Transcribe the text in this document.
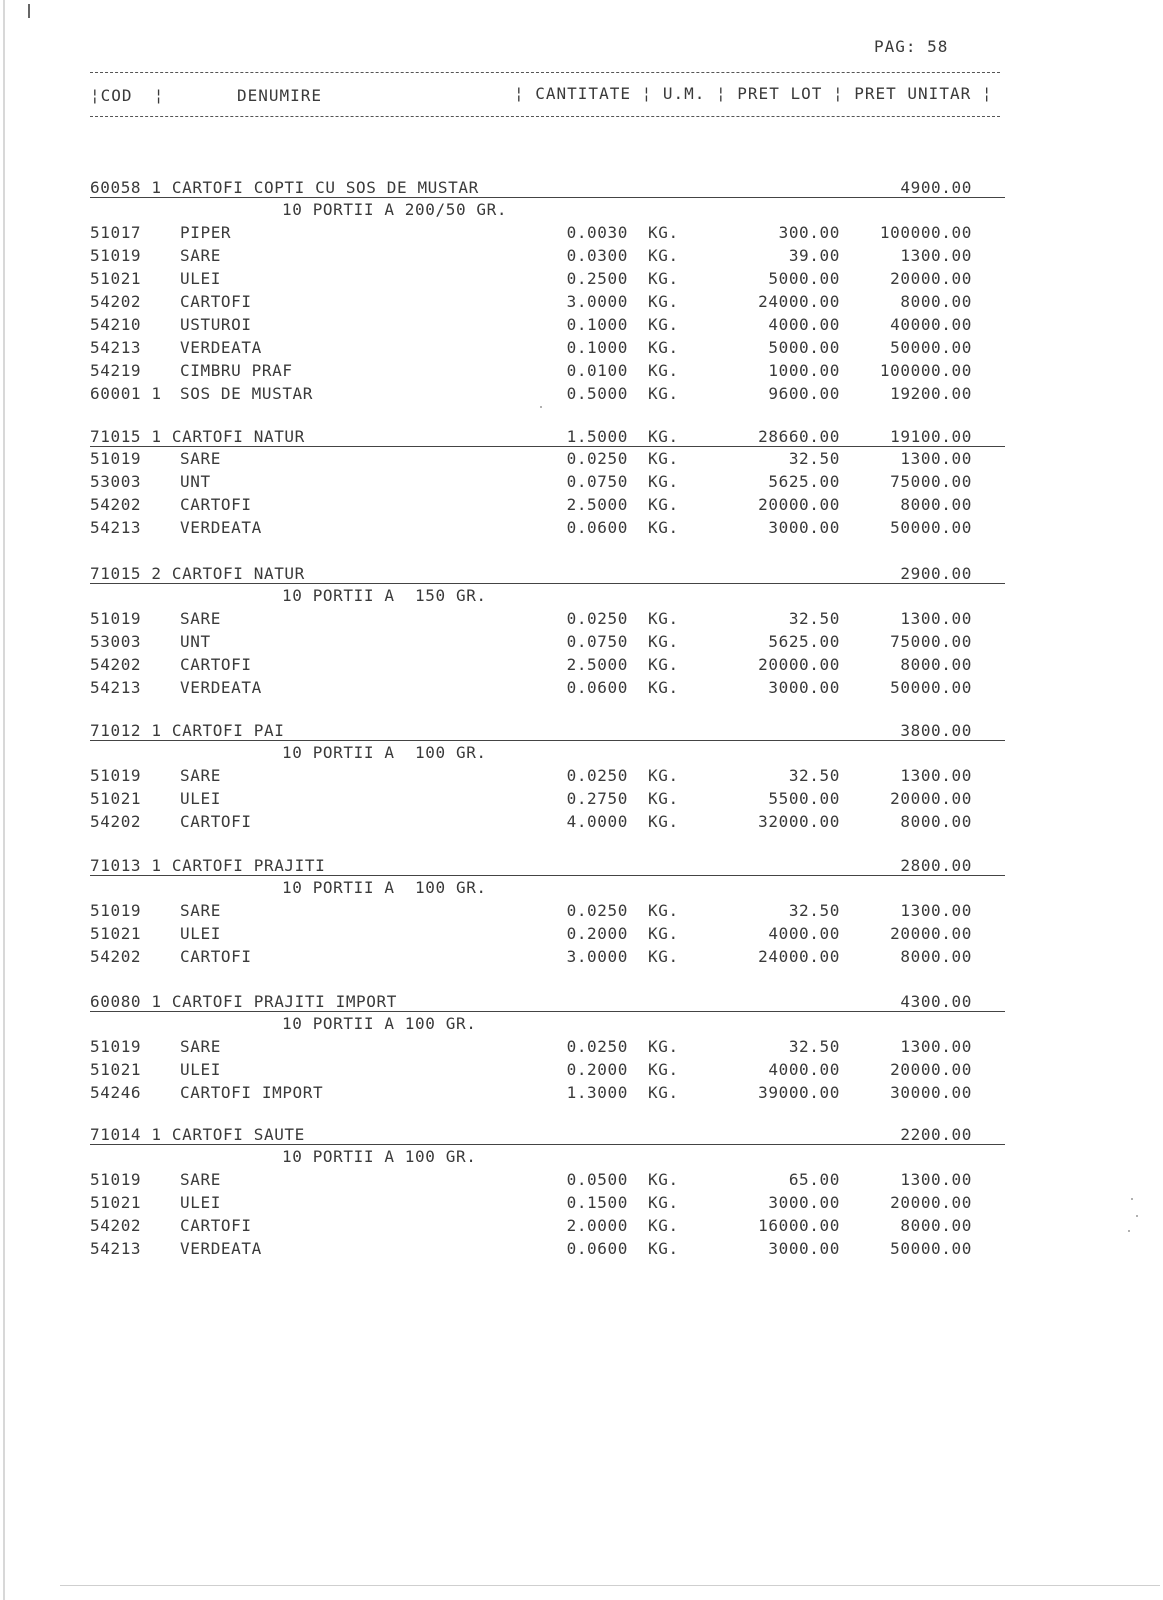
PAG: 58
¦COD  ¦	DENUMIRE	¦ CANTITATE ¦ U.M. ¦ PRET LOT ¦ PRET UNITAR ¦
60058 1 CARTOFI COPTI CU SOS DE MUSTAR	4900.00
10 PORTII A 200/50 GR.
51017 PIPER	0.0030 KG.	300.00	100000.00
51019 SARE	0.0300 KG.	39.00	1300.00
51021 ULEI	0.2500 KG.	5000.00	20000.00
54202 CARTOFI	3.0000 KG.	24000.00	8000.00
54210 USTUROI	0.1000 KG.	4000.00	40000.00
54213 VERDEATA	0.1000 KG.	5000.00	50000.00
54219 CIMBRU PRAF	0.0100 KG.	1000.00	100000.00
60001 1 SOS DE MUSTAR	0.5000 KG.	9600.00	19200.00
71015 1 CARTOFI NATUR	1.5000 KG.	28660.00	19100.00
51019 SARE	0.0250 KG.	32.50	1300.00
53003 UNT	0.0750 KG.	5625.00	75000.00
54202 CARTOFI	2.5000 KG.	20000.00	8000.00
54213 VERDEATA	0.0600 KG.	3000.00	50000.00
71015 2 CARTOFI NATUR	2900.00
10 PORTII A  150 GR.
51019 SARE	0.0250 KG.	32.50	1300.00
53003 UNT	0.0750 KG.	5625.00	75000.00
54202 CARTOFI	2.5000 KG.	20000.00	8000.00
54213 VERDEATA	0.0600 KG.	3000.00	50000.00
71012 1 CARTOFI PAI	3800.00
10 PORTII A  100 GR.
51019 SARE	0.0250 KG.	32.50	1300.00
51021 ULEI	0.2750 KG.	5500.00	20000.00
54202 CARTOFI	4.0000 KG.	32000.00	8000.00
71013 1 CARTOFI PRAJITI	2800.00
10 PORTII A  100 GR.
51019 SARE	0.0250 KG.	32.50	1300.00
51021 ULEI	0.2000 KG.	4000.00	20000.00
54202 CARTOFI	3.0000 KG.	24000.00	8000.00
60080 1 CARTOFI PRAJITI IMPORT	4300.00
10 PORTII A 100 GR.
51019 SARE	0.0250 KG.	32.50	1300.00
51021 ULEI	0.2000 KG.	4000.00	20000.00
54246 CARTOFI IMPORT	1.3000 KG.	39000.00	30000.00
71014 1 CARTOFI SAUTE	2200.00
10 PORTII A 100 GR.
51019 SARE	0.0500 KG.	65.00	1300.00
51021 ULEI	0.1500 KG.	3000.00	20000.00
54202 CARTOFI	2.0000 KG.	16000.00	8000.00
54213 VERDEATA	0.0600 KG.	3000.00	50000.00
